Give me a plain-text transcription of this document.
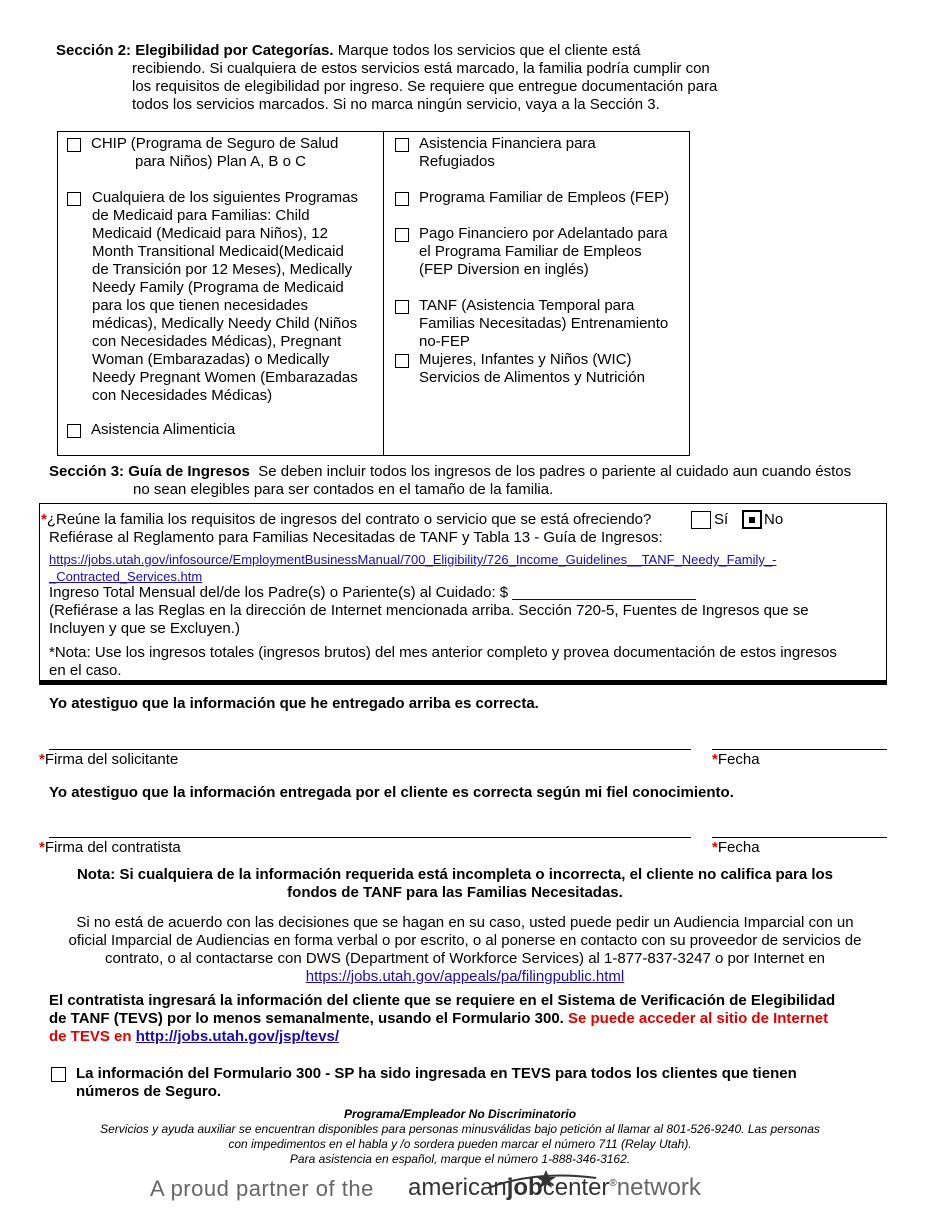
Sección 2: Elegibilidad por Categorías. Marque todos los servicios que el cliente está
recibiendo. Si cualquiera de estos servicios está marcado, la familia podría cumplir con
los requisitos de elegibilidad por ingreso. Se requiere que entregue documentación para
todos los servicios marcados. Si no marca ningún servicio, vaya a la Sección 3.
CHIP (Programa de Seguro de Salud
para Niños) Plan A, B o C
Cualquiera de los siguientes Programas
de Medicaid para Familias: Child
Medicaid (Medicaid para Niños), 12
Month Transitional Medicaid(Medicaid
de Transición por 12 Meses), Medically
Needy Family (Programa de Medicaid
para los que tienen necesidades
médicas), Medically Needy Child (Niños
con Necesidades Médicas), Pregnant
Woman (Embarazadas) o Medically
Needy Pregnant Women (Embarazadas
con Necesidades Médicas)
Asistencia Alimenticia
Asistencia Financiera para
Refugiados
Programa Familiar de Empleos (FEP)
Pago Financiero por Adelantado para
el Programa Familiar de Empleos
(FEP Diversion en inglés)
TANF (Asistencia Temporal para
Familias Necesitadas) Entrenamiento
no-FEP
Mujeres, Infantes y Niños (WIC)
Servicios de Alimentos y Nutrición
Sección 3: Guía de Ingresos Se deben incluir todos los ingresos de los padres o pariente al cuidado aun cuando éstos
no sean elegibles para ser contados en el tamaño de la familia.
*¿Reúne la familia los requisitos de ingresos del contrato o servicio que se está ofreciendo?	Sí No
Refiérase al Reglamento para Familias Necesitadas de TANF y Tabla 13 - Guía de Ingresos:
https://jobs.utah.gov/infosource/EmploymentBusinessManual/700_Eligibility/726_Income_Guidelines__TANF_Needy_Family_-
_Contracted_Services.htm
Ingreso Total Mensual del/de los Padre(s) o Pariente(s) al Cuidado: $ ______________________
(Refiérase a las Reglas en la dirección de Internet mencionada arriba. Sección 720-5, Fuentes de Ingresos que se
Incluyen y que se Excluyen.)
*Nota: Use los ingresos totales (ingresos brutos) del mes anterior completo y provea documentación de estos ingresos
en el caso.
Yo atestiguo que la información que he entregado arriba es correcta.
*Firma del solicitante	*Fecha
Yo atestiguo que la información entregada por el cliente es correcta según mi fiel conocimiento.
*Firma del contratista	*Fecha
Nota: Si cualquiera de la información requerida está incompleta o incorrecta, el cliente no califica para los
fondos de TANF para las Familias Necesitadas.
Si no está de acuerdo con las decisiones que se hagan en su caso, usted puede pedir un Audiencia Imparcial con un
oficial Imparcial de Audiencias en forma verbal o por escrito, o al ponerse en contacto con su proveedor de servicios de
contrato, o al contactarse con DWS (Department of Workforce Services) al 1-877-837-3247 o por Internet en
https://jobs.utah.gov/appeals/pa/filingpublic.html
El contratista ingresará la información del cliente que se requiere en el Sistema de Verificación de Elegibilidad
de TANF (TEVS) por lo menos semanalmente, usando el Formulario 300. Se puede acceder al sitio de Internet
de TEVS en http://jobs.utah.gov/jsp/tevs/
La información del Formulario 300 - SP ha sido ingresada en TEVS para todos los clientes que tienen
números de Seguro.
Programa/Empleador No Discriminatorio
Servicios y ayuda auxiliar se encuentran disponibles para personas minusválidas bajo petición al llamar al 801-526-9240. Las personas
con impedimentos en el habla y /o sordera pueden marcar el número 711 (Relay Utah).
Para asistencia en español, marque el número 1-888-346-3162.
A proud partner of the americanjobcenter®network
